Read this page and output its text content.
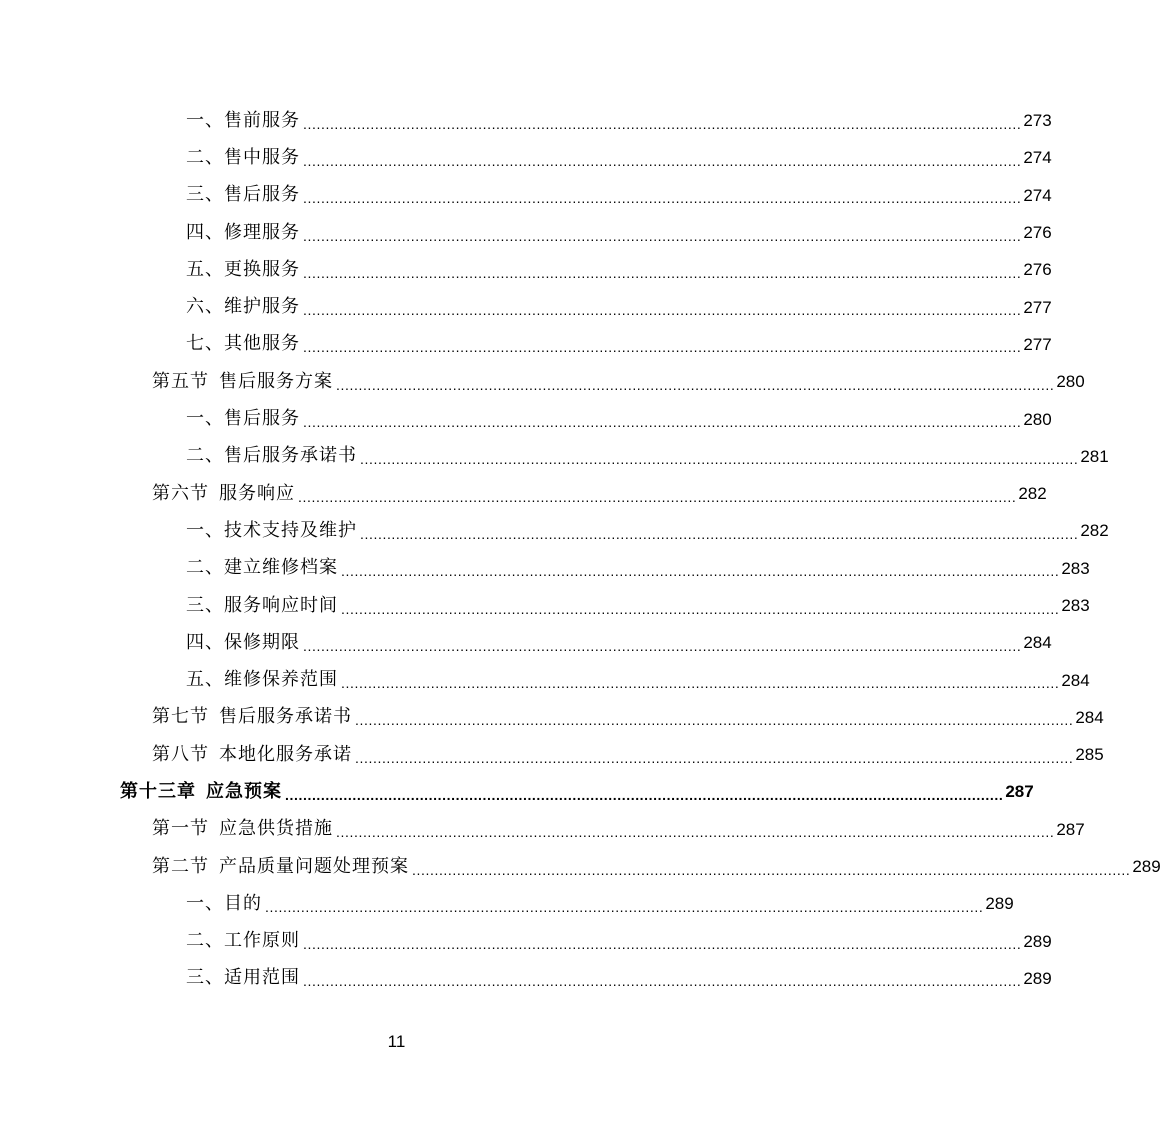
一、售前服务 ................................................................................................................................................................ 273
二、售中服务 ................................................................................................................................................................ 274
三、售后服务 ................................................................................................................................................................ 274
四、修理服务 ................................................................................................................................................................ 276
五、更换服务 ................................................................................................................................................................ 276
六、维护服务 ................................................................................................................................................................ 277
七、其他服务 ................................................................................................................................................................ 277
第五节 售后服务方案 ................................................................................................................................................................ 280
一、售后服务 ................................................................................................................................................................ 280
二、售后服务承诺书 ................................................................................................................................................................ 281
第六节 服务响应 ................................................................................................................................................................ 282
一、技术支持及维护 ................................................................................................................................................................ 282
二、建立维修档案 ................................................................................................................................................................ 283
三、服务响应时间 ................................................................................................................................................................ 283
四、保修期限 ................................................................................................................................................................ 284
五、维修保养范围 ................................................................................................................................................................ 284
第七节 售后服务承诺书 ................................................................................................................................................................ 284
第八节 本地化服务承诺 ................................................................................................................................................................ 285
第十三章 应急预案 ................................................................................................................................................................ 287
第一节 应急供货措施 ................................................................................................................................................................ 287
第二节 产品质量问题处理预案 ................................................................................................................................................................ 289
一、目的 ................................................................................................................................................................ 289
二、工作原则 ................................................................................................................................................................ 289
三、适用范围 ................................................................................................................................................................ 289
11
